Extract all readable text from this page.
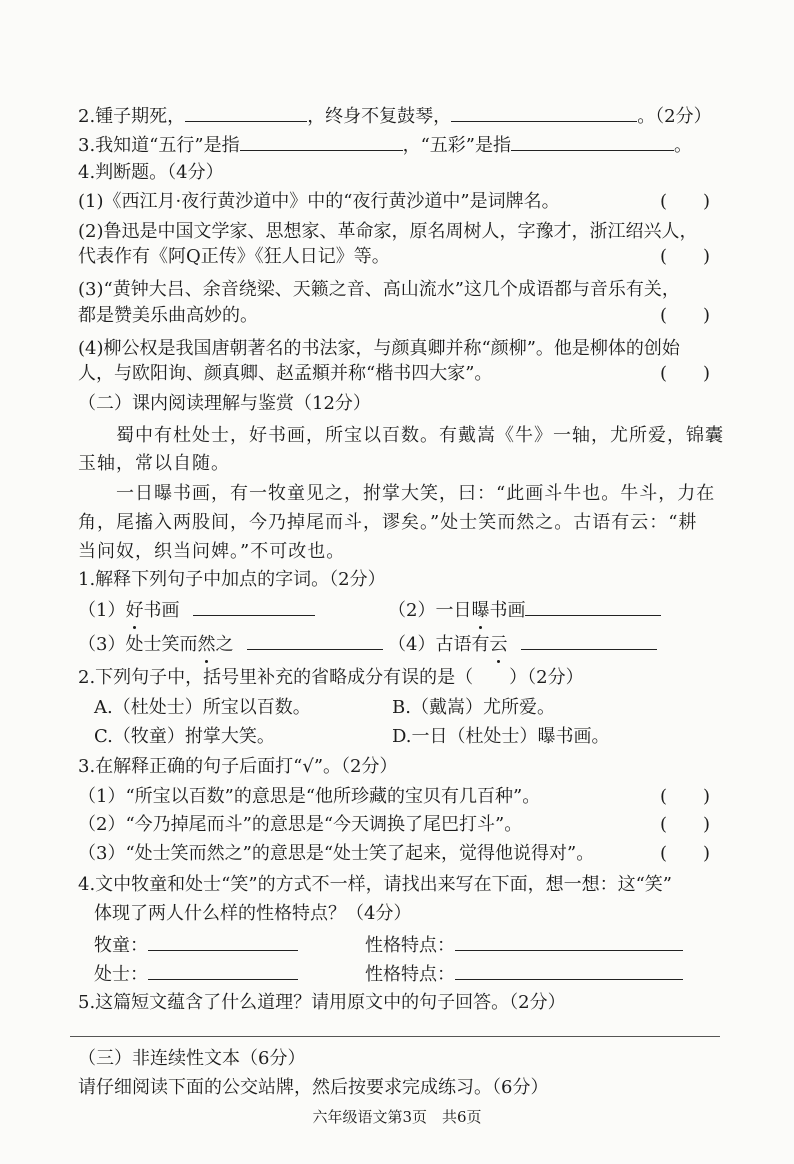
2.锺子期死，	，终身不复鼓琴，	。（2分）
3.我知道“五行”是指	，“五彩”是指	。
4.判断题。（4分）
(1)《西江月·夜行黄沙道中》中的“夜行黄沙道中”是词牌名。	(　　)
(2)鲁迅是中国文学家、思想家、革命家，原名周树人，字豫才，浙江绍兴人，
代表作有《阿Q正传》《狂人日记》等。	(　　)
(3)“黄钟大吕、余音绕梁、天籁之音、高山流水”这几个成语都与音乐有关，
都是赞美乐曲高妙的。	(　　)
(4)柳公权是我国唐朝著名的书法家，与颜真卿并称“颜柳”。他是柳体的创始
人，与欧阳询、颜真卿、赵孟頫并称“楷书四大家”。	(　　)
（二）课内阅读理解与鉴赏（12分）
　　蜀中有杜处士，好书画，所宝以百数。有戴嵩《牛》一轴，尤所爱，锦囊
玉轴，常以自随。
　　一日曝书画，有一牧童见之，拊掌大笑，曰：“此画斗牛也。牛斗，力在
角，尾搐入两股间，今乃掉尾而斗，谬矣。”处士笑而然之。古语有云：“耕
当问奴，织当问婢。”不可改也。
1.解释下列句子中加点的字词。（2分）
（1）好书画	（2）一日曝书画
（3）处士笑而然之	（4）古语有云
2.下列句子中，括号里补充的省略成分有误的是（　　）（2分）
A.（杜处士）所宝以百数。	B.（戴嵩）尤所爱。
C.（牧童）拊掌大笑。	D.一日（杜处士）曝书画。
3.在解释正确的句子后面打“√”。（2分）
（1）“所宝以百数”的意思是“他所珍藏的宝贝有几百种”。	(　　)
（2）“今乃掉尾而斗”的意思是“今天调换了尾巴打斗”。	(　　)
（3）“处士笑而然之”的意思是“处士笑了起来，觉得他说得对”。	(　　)
4.文中牧童和处士“笑”的方式不一样，请找出来写在下面，想一想：这“笑”
体现了两人什么样的性格特点？（4分）
牧童：	性格特点：
处士：	性格特点：
5.这篇短文蕴含了什么道理？请用原文中的句子回答。（2分）
（三）非连续性文本（6分）
请仔细阅读下面的公交站牌，然后按要求完成练习。（6分）
六年级语文第3页　共6页
